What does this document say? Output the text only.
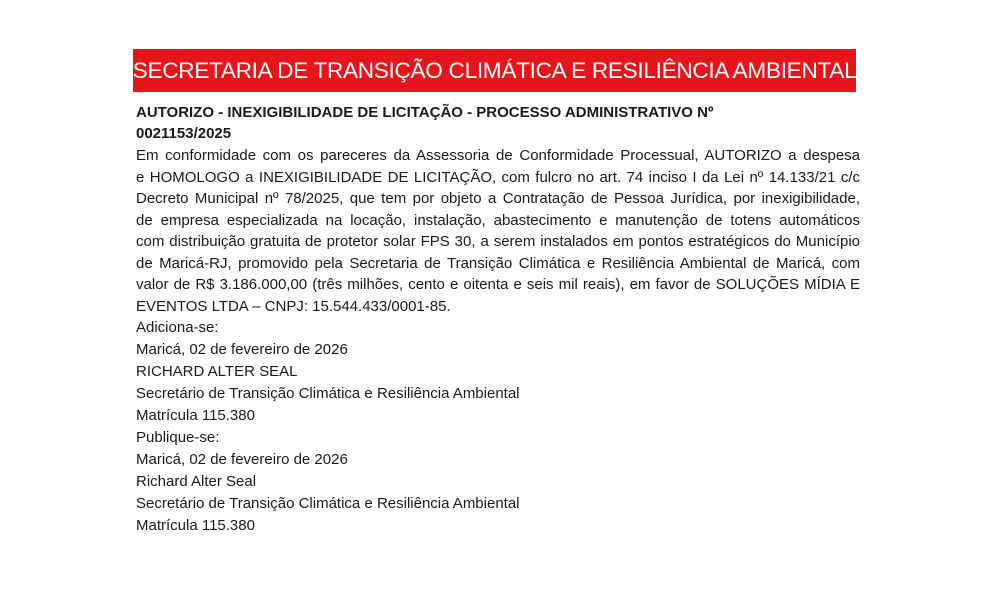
SECRETARIA DE TRANSIÇÃO CLIMÁTICA E RESILIÊNCIA AMBIENTAL
AUTORIZO - INEXIGIBILIDADE DE LICITAÇÃO - PROCESSO ADMINISTRATIVO Nº
0021153/2025

Em conformidade com os pareceres da Assessoria de Conformidade Processual, AUTORIZO a despesa
e HOMOLOGO a INEXIGIBILIDADE DE LICITAÇÃO, com fulcro no art. 74 inciso I da Lei nº 14.133/21 c/c
Decreto Municipal nº 78/2025, que tem por objeto a Contratação de Pessoa Jurídica, por inexigibilidade,
de empresa especializada na locação, instalação, abastecimento e manutenção de totens automáticos
com distribuição gratuita de protetor solar FPS 30, a serem instalados em pontos estratégicos do Município
de Maricá-RJ, promovido pela Secretaria de Transição Climática e Resiliência Ambiental de Maricá, com
valor de R$ 3.186.000,00 (três milhões, cento e oitenta e seis mil reais), em favor de SOLUÇÕES MÍDIA E
EVENTOS LTDA – CNPJ: 15.544.433/0001-85.

Adiciona-se:
Maricá, 02 de fevereiro de 2026
RICHARD ALTER SEAL
Secretário de Transição Climática e Resiliência Ambiental
Matrícula 115.380
Publique-se:
Maricá, 02 de fevereiro de 2026
Richard Alter Seal
Secretário de Transição Climática e Resiliência Ambiental
Matrícula 115.380
